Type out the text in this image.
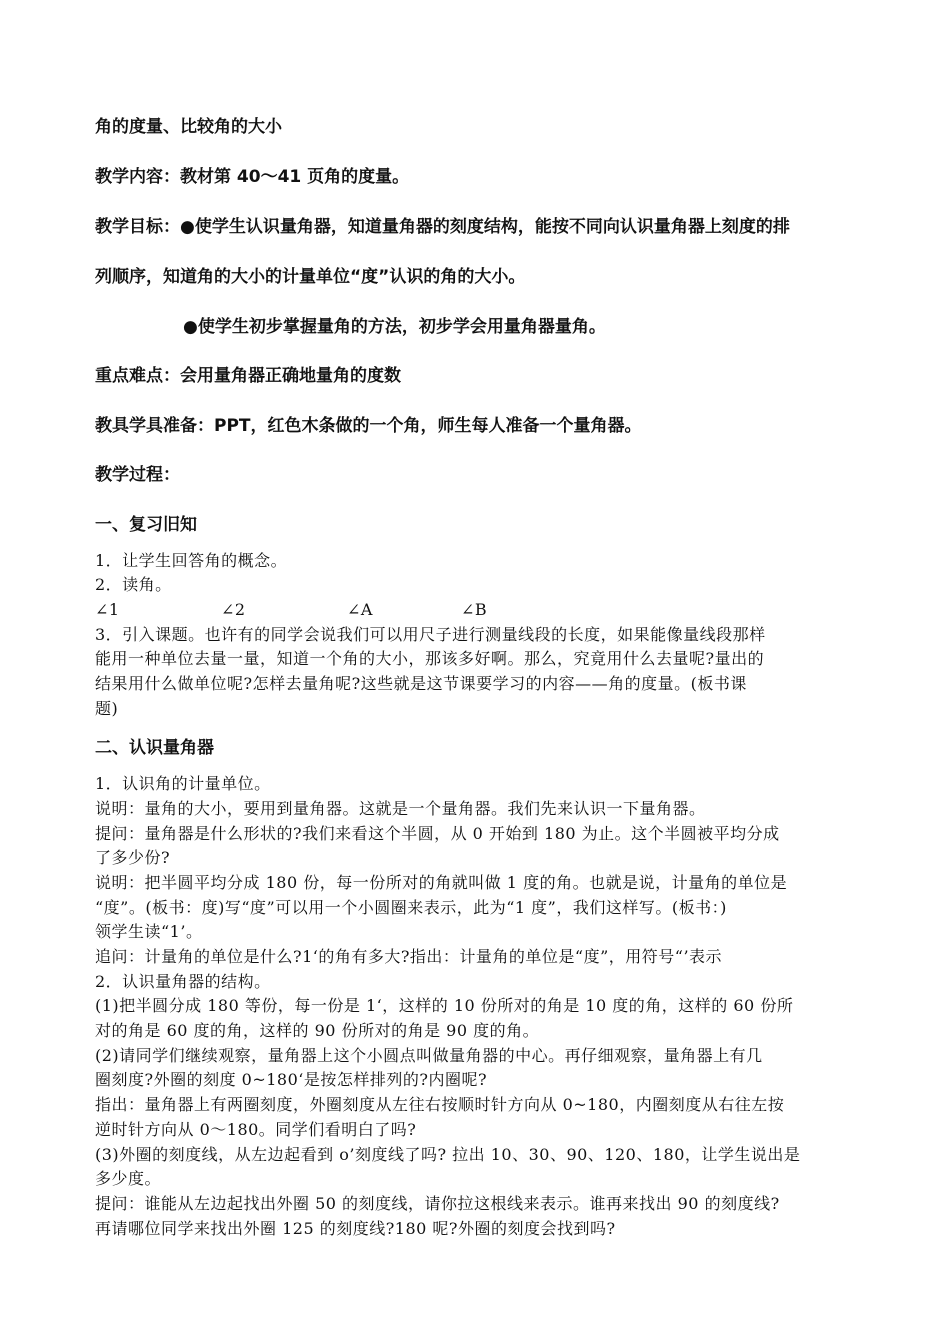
角的度量、比较角的大小
教学内容：教材第 40～41 页角的度量。
教学目标：●使学生认识量角器，知道量角器的刻度结构，能按不同向认识量角器上刻度的排
列顺序，知道角的大小的计量单位“度”认识的角的大小。
●使学生初步掌握量角的方法，初步学会用量角器量角。
重点难点：会用量角器正确地量角的度数
教具学具准备：PPT，红色木条做的一个角，师生每人准备一个量角器。
教学过程：
一、复习旧知
1．让学生回答角的概念。
2．读角。
∠1	∠2	∠A	∠B
3．引入课题。也许有的同学会说我们可以用尺子进行测量线段的长度，如果能像量线段那样
能用一种单位去量一量，知道一个角的大小，那该多好啊。那么，究竟用什么去量呢?量出的
结果用什么做单位呢?怎样去量角呢?这些就是这节课要学习的内容——角的度量。(板书课
题)
二、认识量角器
1．认识角的计量单位。
说明：量角的大小，要用到量角器。这就是一个量角器。我们先来认识一下量角器。
提问：量角器是什么形状的?我们来看这个半圆，从 0 开始到 180 为止。这个半圆被平均分成
了多少份?
说明：把半圆平均分成 180 份，每一份所对的角就叫做 1 度的角。也就是说，计量角的单位是
“度”。(板书：度)写“度”可以用一个小圆圈来表示，此为“1 度”，我们这样写。(板书：)
领学生读“1’。
追问：计量角的单位是什么?1‘的角有多大?指出：计量角的单位是“度”，用符号“’表示
2．认识量角器的结构。
(1)把半圆分成 180 等份，每一份是 1‘，这样的 10 份所对的角是 10 度的角，这样的 60 份所
对的角是 60 度的角，这样的 90 份所对的角是 90 度的角。
(2)请同学们继续观察，量角器上这个小圆点叫做量角器的中心。再仔细观察，量角器上有几
圈刻度?外圈的刻度 0~180‘是按怎样排列的?内圈呢?
指出：量角器上有两圈刻度，外圈刻度从左往右按顺时针方向从 0~180，内圈刻度从右往左按
逆时针方向从 0～180。同学们看明白了吗?
(3)外圈的刻度线，从左边起看到 o’刻度线了吗? 拉出 10、30、90、120、180，让学生说出是
多少度。
提问：谁能从左边起找出外圈 50 的刻度线，请你拉这根线来表示。谁再来找出 90 的刻度线?
再请哪位同学来找出外圈 125 的刻度线?180 呢?外圈的刻度会找到吗?
